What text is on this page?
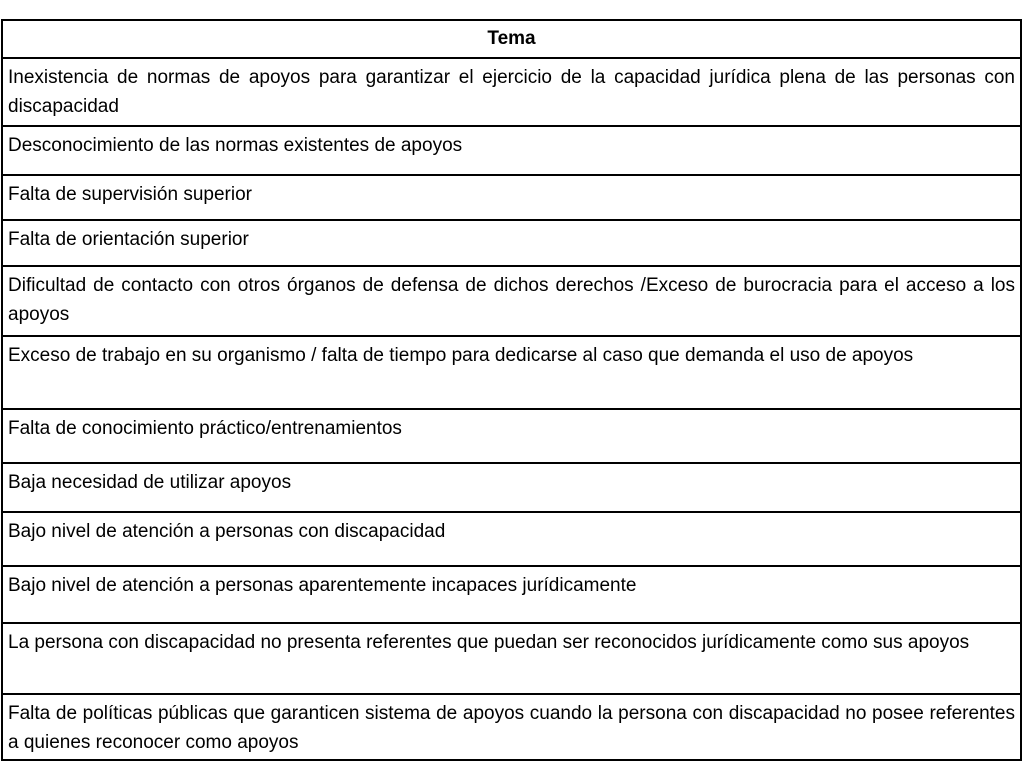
Tema
Inexistencia de normas de apoyos para garantizar el ejercicio de la capacidad jurídica plena de las personas con discapacidad
Desconocimiento de las normas existentes de apoyos
Falta de supervisión superior
Falta de orientación superior
Dificultad de contacto con otros órganos de defensa de dichos derechos /Exceso de burocracia para el acceso a los apoyos
Exceso de trabajo en su organismo / falta de tiempo para dedicarse al caso que demanda el uso de apoyos
Falta de conocimiento práctico/entrenamientos
Baja necesidad de utilizar apoyos
Bajo nivel de atención a personas con discapacidad
Bajo nivel de atención a personas aparentemente incapaces jurídicamente
La persona con discapacidad no presenta referentes que puedan ser reconocidos jurídicamente como sus apoyos
Falta de políticas públicas que garanticen sistema de apoyos cuando la persona con discapacidad no posee referentes a quienes reconocer como apoyos
